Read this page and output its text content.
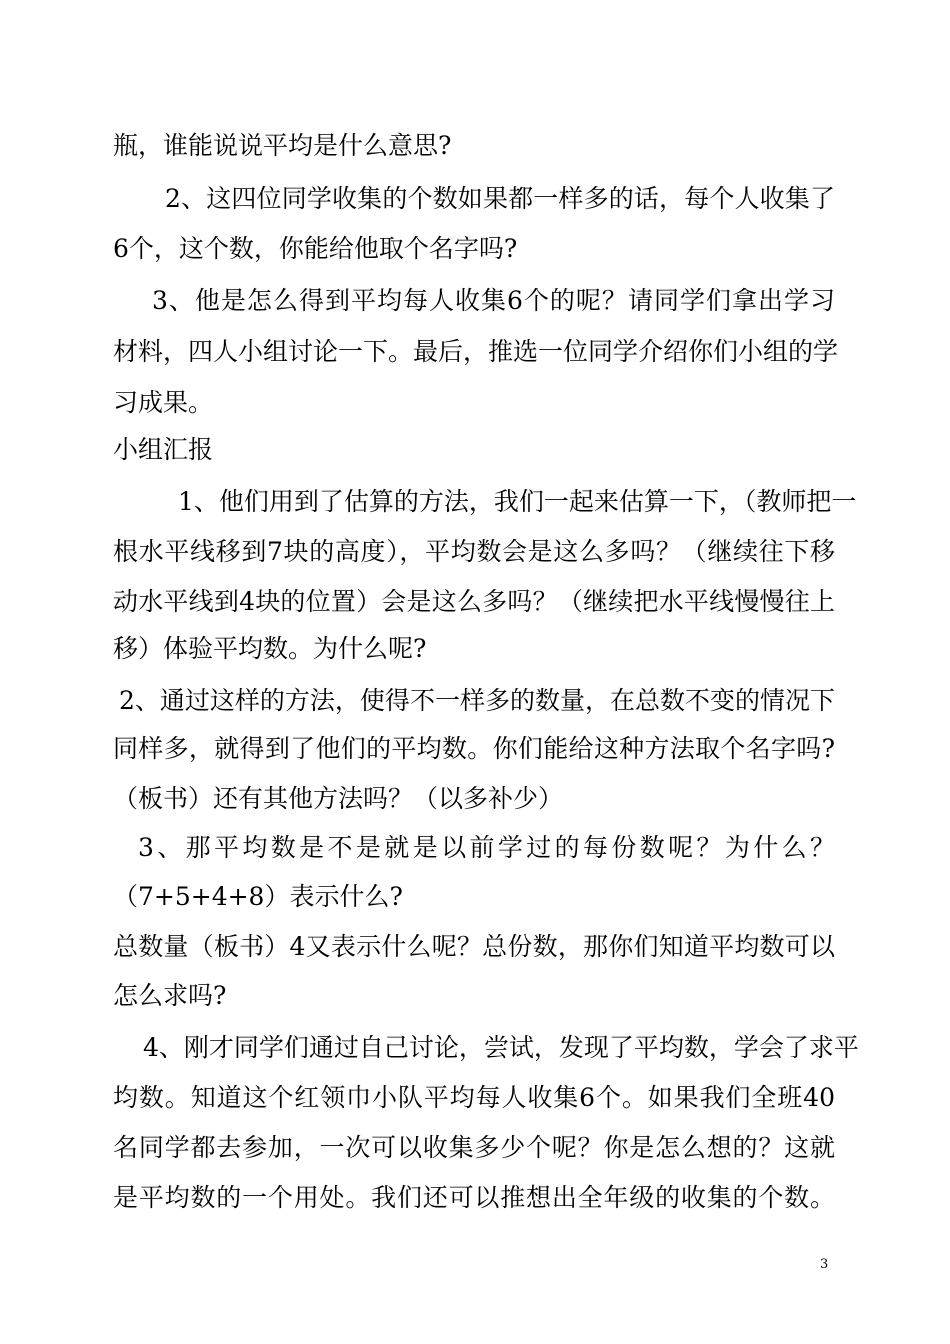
瓶，谁能说说平均是什么意思?
2、这四位同学收集的个数如果都一样多的话，每个人收集了
6个，这个数，你能给他取个名字吗?
3、他是怎么得到平均每人收集6个的呢？请同学们拿出学习
材料，四人小组讨论一下。最后，推选一位同学介绍你们小组的学
习成果。
小组汇报
1、他们用到了估算的方法，我们一起来估算一下，（教师把一
根水平线移到7块的高度），平均数会是这么多吗？（继续往下移
动水平线到4块的位置）会是这么多吗？（继续把水平线慢慢往上
移）体验平均数。为什么呢?
2、通过这样的方法，使得不一样多的数量，在总数不变的情况下
同样多，就得到了他们的平均数。你们能给这种方法取个名字吗?
（板书）还有其他方法吗？（以多补少）
3、那平均数是不是就是以前学过的每份数呢？为什么？
（7+5+4+8）表示什么?
总数量（板书）4又表示什么呢？总份数，那你们知道平均数可以
怎么求吗?
4、刚才同学们通过自己讨论，尝试，发现了平均数，学会了求平
均数。知道这个红领巾小队平均每人收集6个。如果我们全班40
名同学都去参加，一次可以收集多少个呢？你是怎么想的？这就
是平均数的一个用处。我们还可以推想出全年级的收集的个数。
3
